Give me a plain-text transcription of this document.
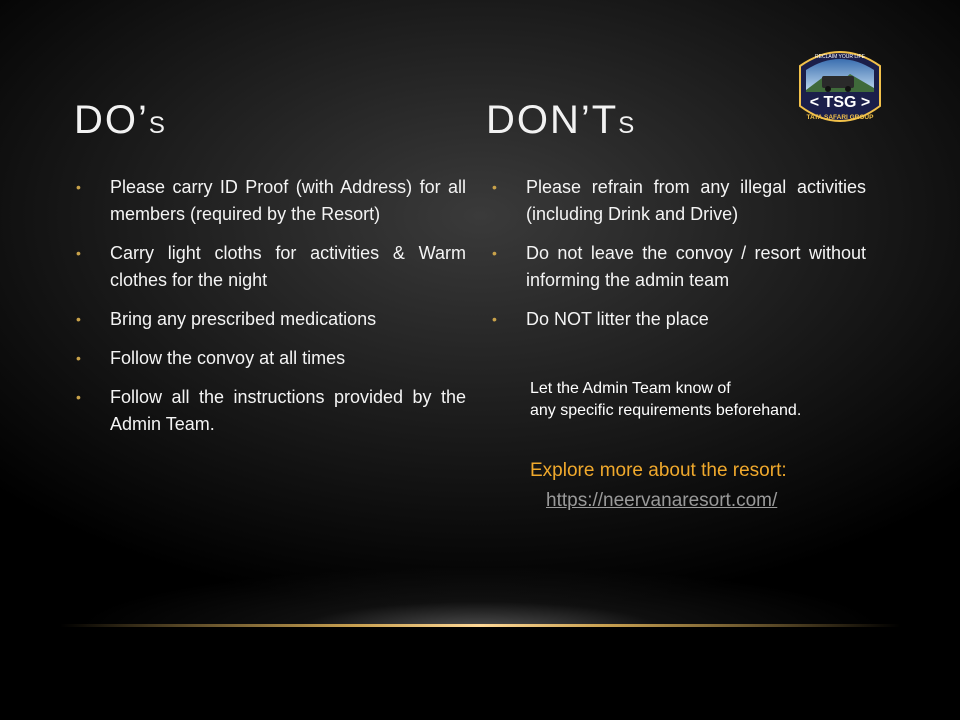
DO’S	DON’TS
• Please carry ID Proof (with Address) for all members (required by the Resort)
• Carry light cloths for activities & Warm clothes for the night
• Bring any prescribed medications
• Follow the convoy at all times
• Follow all the instructions provided by the Admin Team.
• Please refrain from any illegal activities (including Drink and Drive)
• Do not leave the convoy / resort without informing the admin team
• Do NOT litter the place
Let the Admin Team know of
any specific requirements beforehand.
Explore more about the resort:
https://neervanaresort.com/
RECLAIM YOUR LIFE
< TSG >
TATA SAFARI GROUP
